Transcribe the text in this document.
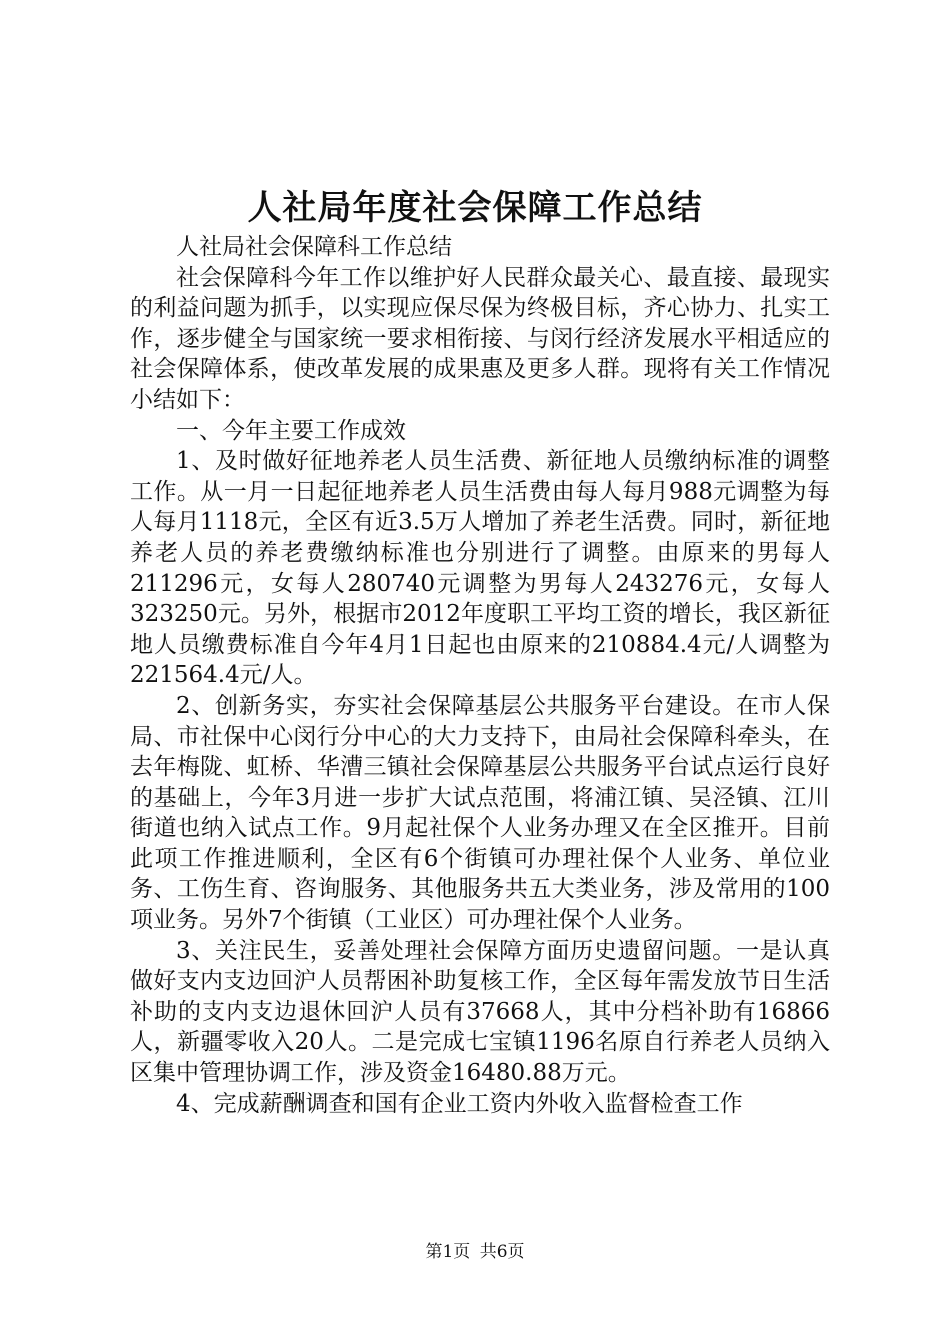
人社局年度社会保障工作总结

人社局社会保障科工作总结

社会保障科今年工作以维护好人民群众最关心、最直接、最现实的利益问题为抓手，以实现应保尽保为终极目标，齐心协力、扎实工作，逐步健全与国家统一要求相衔接、与闵行经济发展水平相适应的社会保障体系，使改革发展的成果惠及更多人群。现将有关工作情况小结如下：

一、今年主要工作成效

1、及时做好征地养老人员生活费、新征地人员缴纳标准的调整工作。从一月一日起征地养老人员生活费由每人每月988元调整为每人每月1118元，全区有近3.5万人增加了养老生活费。同时，新征地养老人员的养老费缴纳标准也分别进行了调整。由原来的男每人211296元，女每人280740元调整为男每人243276元，女每人323250元。另外，根据市2012年度职工平均工资的增长，我区新征地人员缴费标准自今年4月1日起也由原来的210884.4元/人调整为221564.4元/人。

2、创新务实，夯实社会保障基层公共服务平台建设。在市人保局、市社保中心闵行分中心的大力支持下，由局社会保障科牵头，在去年梅陇、虹桥、华漕三镇社会保障基层公共服务平台试点运行良好的基础上，今年3月进一步扩大试点范围，将浦江镇、吴泾镇、江川街道也纳入试点工作。9月起社保个人业务办理又在全区推开。目前此项工作推进顺利，全区有6个街镇可办理社保个人业务、单位业务、工伤生育、咨询服务、其他服务共五大类业务，涉及常用的100项业务。另外7个街镇（工业区）可办理社保个人业务。

3、关注民生，妥善处理社会保障方面历史遗留问题。一是认真做好支内支边回沪人员帮困补助复核工作，全区每年需发放节日生活补助的支内支边退休回沪人员有37668人，其中分档补助有16866人，新疆零收入20人。二是完成七宝镇1196名原自行养老人员纳入区集中管理协调工作，涉及资金16480.88万元。

4、完成薪酬调查和国有企业工资内外收入监督检查工作

第1页 共6页
